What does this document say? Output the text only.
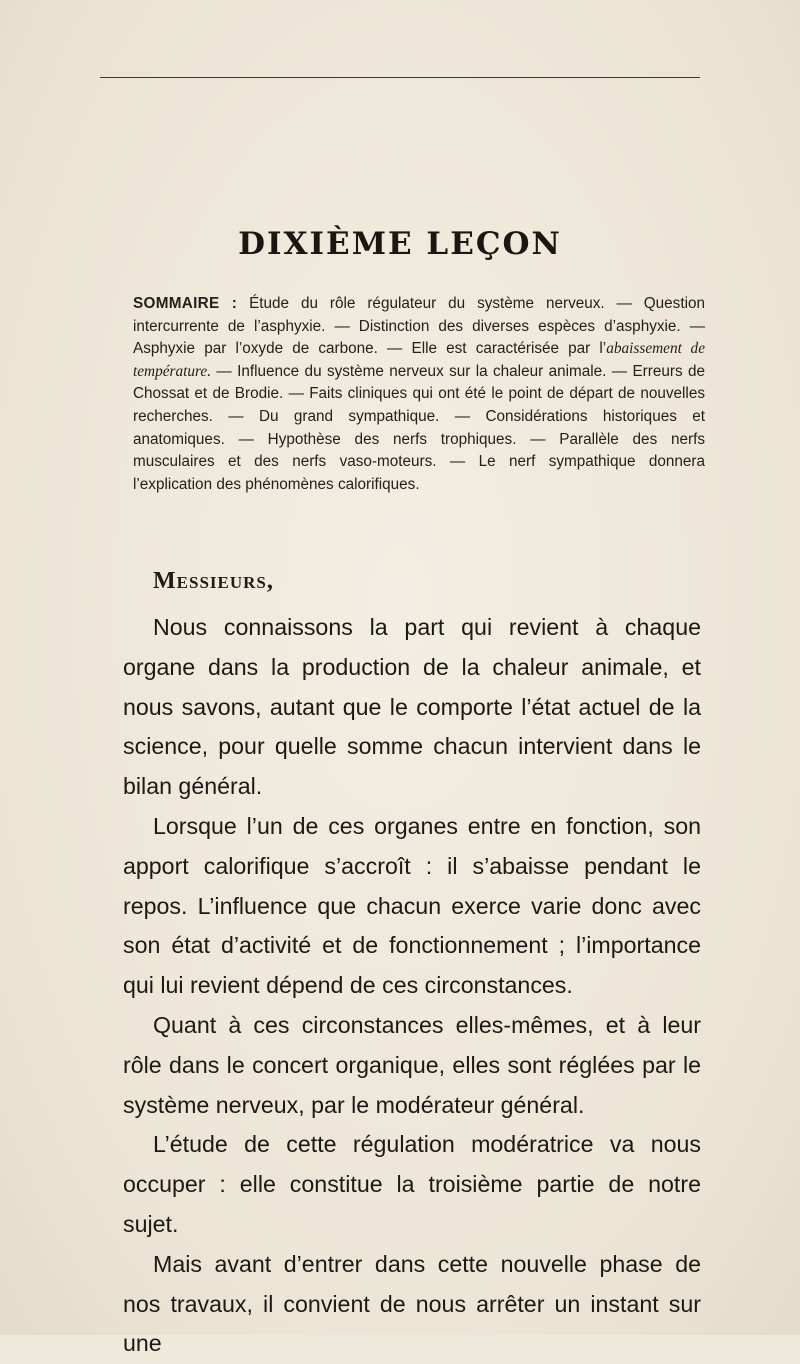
DIXIÈME LEÇON
SOMMAIRE : Étude du rôle régulateur du système nerveux. — Question intercurrente de l’asphyxie. — Distinction des diverses espèces d’asphyxie. — Asphyxie par l’oxyde de carbone. — Elle est caractérisée par l’abaissement de température. — Influence du système nerveux sur la chaleur animale. — Erreurs de Chossat et de Brodie. — Faits cliniques qui ont été le point de départ de nouvelles recherches. — Du grand sympathique. — Considérations historiques et anatomiques. — Hypothèse des nerfs trophiques. — Parallèle des nerfs musculaires et des nerfs vaso-moteurs. — Le nerf sympathique donnera l’explication des phénomènes calorifiques.
Messieurs,

Nous connaissons la part qui revient à chaque organe dans la production de la chaleur animale, et nous savons, autant que le comporte l’état actuel de la science, pour quelle somme chacun intervient dans le bilan général.

Lorsque l’un de ces organes entre en fonction, son apport calorifique s’accroît : il s’abaisse pendant le repos. L’influence que chacun exerce varie donc avec son état d’activité et de fonctionnement ; l’importance qui lui revient dépend de ces circonstances.

Quant à ces circonstances elles-mêmes, et à leur rôle dans le concert organique, elles sont réglées par le système nerveux, par le modérateur général.

L’étude de cette régulation modératrice va nous occuper : elle constitue la troisième partie de notre sujet.

Mais avant d’entrer dans cette nouvelle phase de nos travaux, il convient de nous arrêter un instant sur une
